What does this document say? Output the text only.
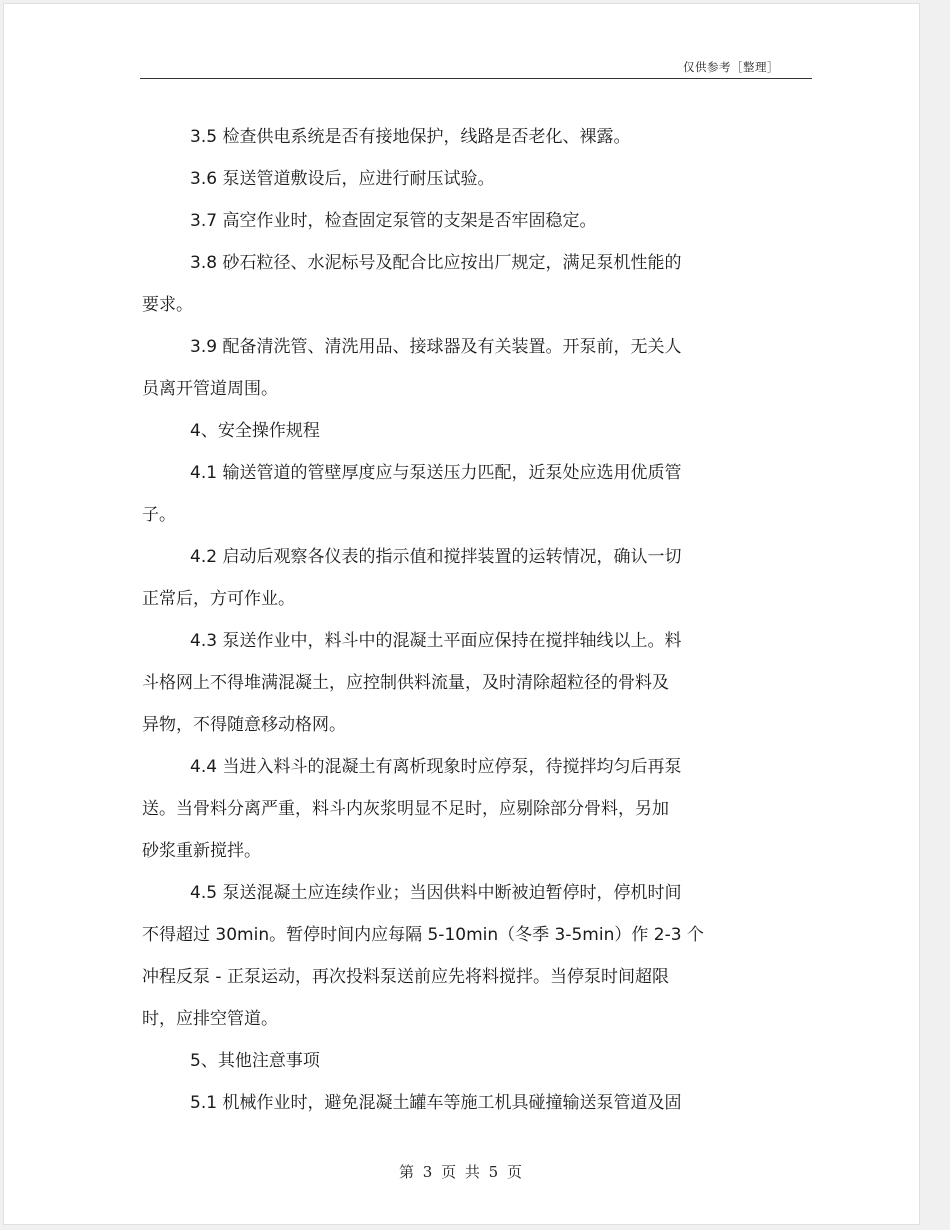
仅供参考［整理］
3.5 检查供电系统是否有接地保护，线路是否老化、裸露。
3.6 泵送管道敷设后，应进行耐压试验。
3.7 高空作业时，检查固定泵管的支架是否牢固稳定。
3.8 砂石粒径、水泥标号及配合比应按出厂规定，满足泵机性能的
要求。
3.9 配备清洗管、清洗用品、接球器及有关装置。开泵前，无关人
员离开管道周围。
4、安全操作规程
4.1 输送管道的管壁厚度应与泵送压力匹配，近泵处应选用优质管
子。
4.2 启动后观察各仪表的指示值和搅拌装置的运转情况，确认一切
正常后，方可作业。
4.3 泵送作业中，料斗中的混凝土平面应保持在搅拌轴线以上。料
斗格网上不得堆满混凝土，应控制供料流量，及时清除超粒径的骨料及
异物，不得随意移动格网。
4.4 当进入料斗的混凝土有离析现象时应停泵，待搅拌均匀后再泵
送。当骨料分离严重，料斗内灰浆明显不足时，应剔除部分骨料，另加
砂浆重新搅拌。
4.5 泵送混凝土应连续作业；当因供料中断被迫暂停时，停机时间
不得超过 30min。暂停时间内应每隔 5-10min（冬季 3-5min）作 2-3 个
冲程反泵 - 正泵运动，再次投料泵送前应先将料搅拌。当停泵时间超限
时，应排空管道。
5、其他注意事项
5.1 机械作业时，避免混凝土罐车等施工机具碰撞输送泵管道及固
第 3 页 共 5 页
